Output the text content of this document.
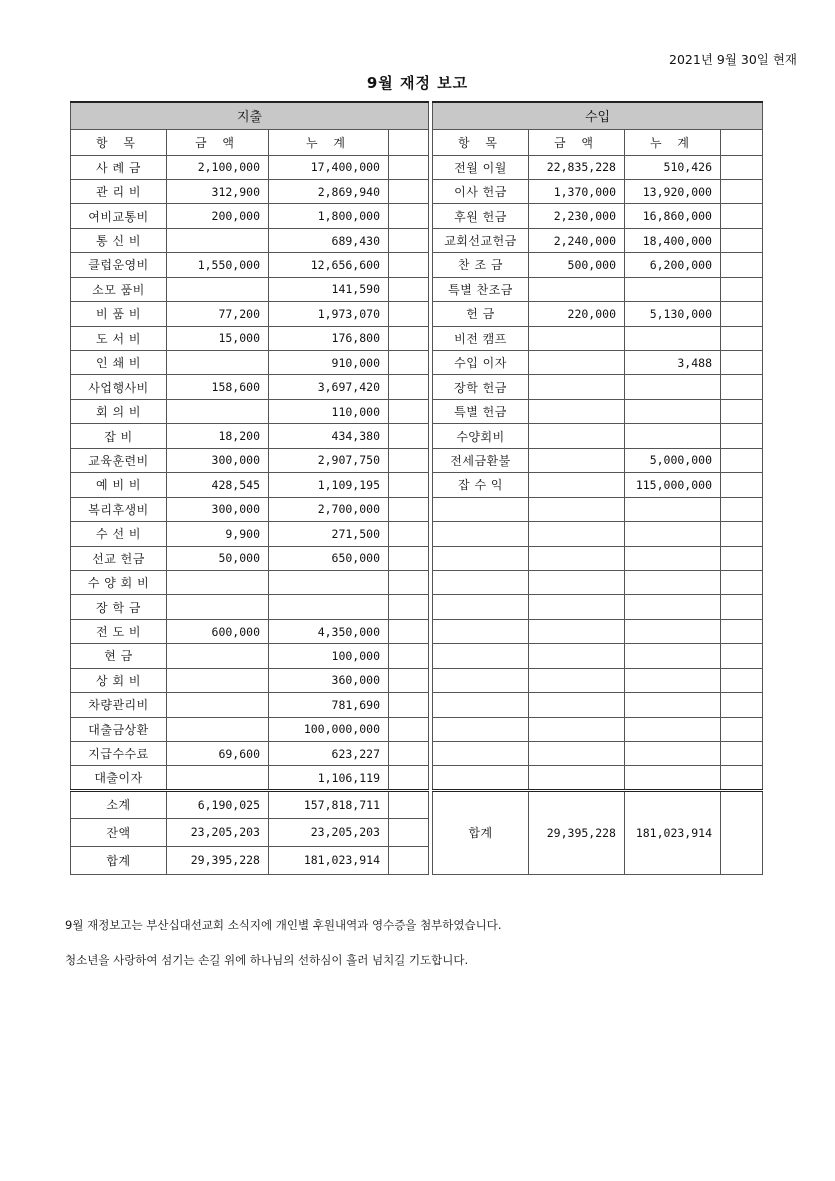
2021년 9월 30일 현재
9월 재정 보고
지출			
항 목	금 액	누 계	
사 례 금	2,100,000	17,400,000	
관 리 비	312,900	2,869,940	
여비교통비	200,000	1,800,000	
통 신 비		689,430	
클럽운영비	1,550,000	12,656,600	
소모 품비		141,590	
비 품 비	77,200	1,973,070	
도 서 비	15,000	176,800	
인 쇄 비		910,000	
사업행사비	158,600	3,697,420	
회 의 비		110,000	
잡 비	18,200	434,380	
교육훈련비	300,000	2,907,750	
예 비 비	428,545	1,109,195	
복리후생비	300,000	2,700,000	
수 선 비	9,900	271,500	
선교 헌금	50,000	650,000	
수 양 회 비			
장 학 금			
전 도 비	600,000	4,350,000	
현 금		100,000	
상 회 비		360,000	
차량관리비		781,690	
대출금상환		100,000,000	
지급수수료	69,600	623,227	
대출이자		1,106,119	
소계	6,190,025	157,818,711	
잔액	23,205,203	23,205,203	
합계	29,395,228	181,023,914	
수입			
항 목	금 액	누 계	
전월 이월	22,835,228	510,426	
이사 헌금	1,370,000	13,920,000	
후원 헌금	2,230,000	16,860,000	
교회선교헌금	2,240,000	18,400,000	
찬 조 금	500,000	6,200,000	
특별 찬조금			
헌 금	220,000	5,130,000	
비전 캠프			
수입 이자		3,488	
장학 헌금			
특별 헌금			
수양회비			
전세금환불		5,000,000	
잡 수 익		115,000,000	

합계	29,395,228	181,023,914	

9월 재정보고는 부산십대선교회 소식지에 개인별 후원내역과 영수증을 첨부하였습니다.

청소년을 사랑하여 섬기는 손길 위에 하나님의 선하심이 흘러 넘치길 기도합니다.
